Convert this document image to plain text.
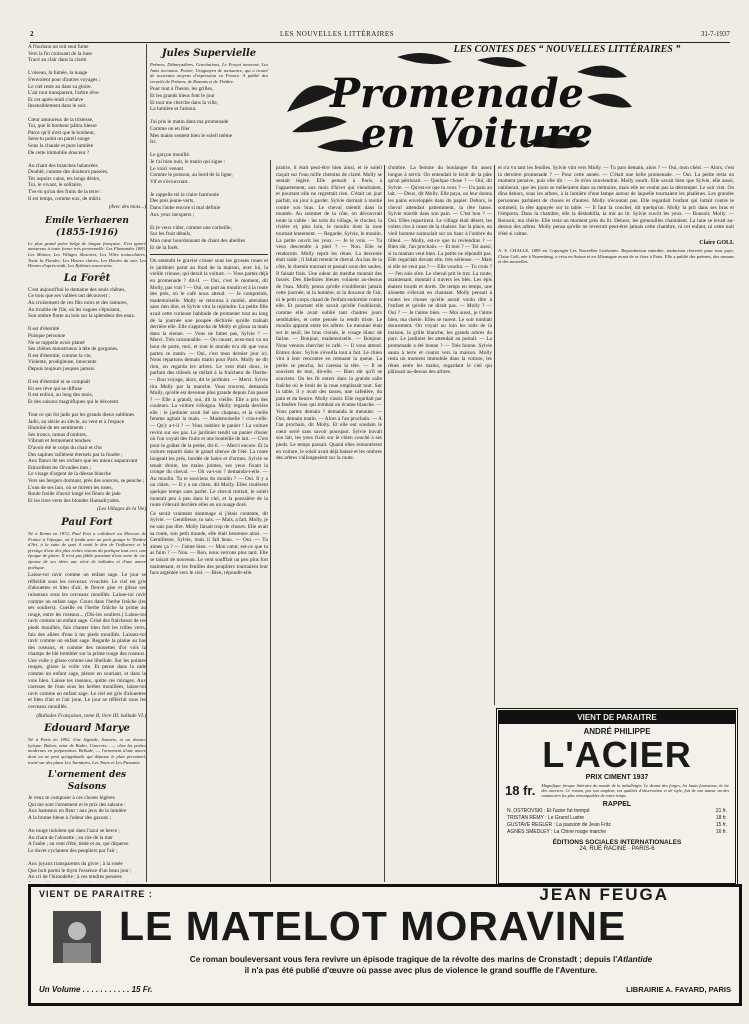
2	LES NOUVELLES LITTÉRAIRES	31-7-1937

A l'horizon un toit seul fume
Vers la fin croissant de la lune
Tracé au clair dans la clarté.

L'oiseau, la fumée, la nuage
S'envolent pour d'autres voyages ;
Le ciel reste au dans sa gloire.
L'air tout transparent, l'arbre rêve
Et cet après-midi s'achève
Insensiblement dans le soir.

Cœur amoureux de ta tristesse,
Toi, que le bonheur pâlira blesse
Parce qu'il n'est que le bonheur,
Sens-tu point un pareil songe
Sous la chaude et pure lumière
De cette immobile douceur ?

Au chant des branches balancées
Doublé, comme des douleurs passées,
Tes aspoirs vains, tes longs désirs,
Toi, le vivant, le solitaire,
T'es-tu qu'un des fruits de la terre :
Il est temps, comme eux, de mûrir.

(Avec des mots...)

Emile Verhaeren (1855-1916)

Le plus grand poète belge de langue française. S'est ignoré amoureux à toute forme très personnelle. Les Flamandes 1883, Les Moines, Les Villages illusoires, Les Villes tentaculaires, Toute la Flandre, Les Heures claires, Les Heures du soir, Les Heures d'après-midi, Les Rythmes souverains.

La Forêt

C'est aujourd'hui le domaine des seuls chênes,
Ce bois que ses vallées ont découvert ;
Au croisement de ces fûts noirs et des ramures,
Au trouble de l'ile, où les vagues s'épuisent,
Son ombre flotte au loin sur la splendeur des eaux.

Il est d'éternité
Puisque personne
Ne se rappelle avoir planté
Ses chênes monstrueux à tête de gorgones.
Il est d'éternité, comme la vie,
Violente, prodigieuse, innocente
Depuis toujours jusques jamais.

Il est d'éternité et se complaît
En ses rêve qui se diffuse
Il est enfoui, au long des mois,
Et des saisons magnifiques qui le décorent.

Tout ce qui fut jadis par les grands dieux sublimes
Jadis, au siècle au siècle, au vent et à l'espace
Illuminé de tes sentiments :
Ses troncs, ramus d'ombres,
Vibrant et fermement tendues
D'avoir été le corps du chair et d'or
Des sapines raillèrent éternels par la foudre ;
Aux flancs de ses rochers que les mieux auparavant
Etincellent les Orvadies mes ;
Le visage d'argent de la déesse blanche
Vers ses bergers dormant, près des sources, se penche ;
L'eau de ses lacs, où se mirent les roses,
Roule froide d'avoir longé les fleurs de jade
Et les rires verts des blondes Hamadryades.

(Les Villages de la Vie)

Paul Fort

Né à Reims en 1872, Paul Fort a collaboré au Mercure de France à l'époque, où il fonda avec un petit groupe le Théâtre d'Art, à la suite de quoi il avait le don de l'influence et le prestige d'une des plus riches visions du poétique tout ceci, une époque de gloire. Il n'est pas fidèle pourtant d'une sorte de vie, épouse de ses idées une série de ballades et d'une œuvre poétique.

Laisse-toi ravir comme un enfant sage. Le jour se réfléchit sous les cerceaux vivacités. Le ciel est gris d'alouettes et bleu d'air, le fleuve gise et glisse ses ruisseaux sous les cerceaux mouillés. Laisse-toi ravir comme un enfant sage. Cours dans l'herbe fraîche (les ses souliers). Cueille en l'herbe fraîche la prime au rouge, entre les roseaux... (Dis-les souliers.) Laisse-toi ravir comme un enfant sage. Grisé des fraîcheurs de tes pieds mouillés, fais chanter bleu fort les trilles verts, fais des allées d'eau à tes pieds mouillés. Laissez-toi ravir comme un enfant sage. Regarde la plaine au bas des roseaux, et comme des mouettes d'or vois la champs de blé trembler sur la prime rouge des roseaux. Une voile y glisse comme une libellule. Sur les pointes rouges, glisse la voile vite. Et pense dans la rade comme un enfant sage, pleure en souriant, et dans la voie bleu. Laisse tes roseaux, quitte ces mirages. Aux caresses de l'eau sous les herbes mouillées, laisse-toi ravir comme un enfant sage. Le ciel est gris d'alouettes et bleu d'air et l'air joue. Le jour se réfléchit sous les cerceaux mouillés.

(Ballades Françaises, tome II, livre III, ballade VI.)

Edouard Marye

Né à Paris en 1892. Une légende, Sonnets, et un dossier lyrique, Bolero, mise de Radio, Concerts... — chez les poètes modernes en préparation. Bellude, — l'ornement d'une œuvre dont on ne peut qu'applaudir qui dépasse le plan personnel, traité sur des plans Les Aventures, Les Tours et Les Passants.

L'ornement des Saisons

Je veux te composer à ces choses légères
Qui me sont l'ornement et le prix des saisons :
Aux hameaux en fleur ; aux jeux de la lumière
A la brume bleue à l'odeur des gazons ;

Au rouge indolent qui dans l'azur se berce ;
Au chant de l'alouette ; au rire de la mer
A l'aube ; au vent d'été, tiède et au, qui disperse
Le duvet cyclamen des peupliers par l'air ;

Aux joyaux transparents du givre ; à la rosée
Que boit parmi le thym l'essence d'un beau jour ;
Au cri de l'hirondelle ; à ces tendres pensées

Jules Supervielle

Poèmes, Débarcadères, Gravitations, Le Forçat innocent, Les Amis inconnus. Poésie, Uruguayen de naissance, qui a trouvé de nouveaux moyens d'expression en France. A publié des recueils de Poèmes, de Romans et de Théâtre.

Pour tout à l'heure, les grilles,
Et les grands bleus font le jour
Et tout me cherche dans la ville,
La lumière et l'amour.

J'ai pris le matin dans ma promenade
Comme on en filer
Mes mains sentent bien le soleil même
Ici.

Le garçon mouillé.
Je t'ai bien nuit, le matin qui signe :
Le voici venant
Comme le poisson, au bord de la ligne,
Vif et s'écouvrant.

Je rappelle tel la claire harmonie
Des prés jeune-verts,
Dans l'aube encore si mal définie
Aux yeux inexperts ;

Et je veux vider, comme une corbeille,
Sur les fruit détails,
Mon cœur bourdonnant de chant des abeilles
Et de la forêt.

On entendit le gravier crisser sous les grosses roues et le jardinier parut au fond de la maison, avec lui, la vieille crieuse, qui dessit la voiture. — Vous partez déjà en promenade ? dit-il. — Oui, c'est le moment, dit Molly, pas vrai ? — Oui, on part au moulin et à la route des près, où le café nous attend. — Je comprends, mademoiselle. Molly se retourna à moitié, attendant sans rien dire, et Sylvie vint la rejoindre. La petite fille avait cette curieuse habitude de promener tout au long de la journée une poupée déchirée qu'elle traînait derrière elle. Elle s'approcha de Molly et glissa sa main dans la sienne. — Vous ne faites pas, Sylvie ? — Merci. Très raisonnable. — On causer, avez-moi vu un bout de porte, moi, et tout le monde m'a dit que vous partez ce matin. — Oui, c'est mon dernier jour ici. Nous repartons demain matin pour Paris. Molly ne dit rien, on regarda les arbres. Le vent était doux, le parfum des tilleuls se mêlait à la fraîcheur de l'herbe. — Bon voyage, alors, dit le jardinier. — Merci. Sylvie tira Molly par la manche. Vous trouvez, demanda Molly, qu'elle est devenue plus grande depuis l'an passé ? — Elle a grandi, oui, dit la vieille. Elle a pris des couleurs. La voiture s'éloigna. Molly regarda derrière elle : le jardinier avait ôté son chapeau, et la vieille femme agitait la main. — Mademoiselle ! cria-t-elle. — Qu'y a-t-il ? — Vous oubliez le panier ! La voiture revint sur ses pas. Le jardinier tendit un panier d'osier où l'on voyait des fruits et une bouteille de lait. — C'est pour le goûter de la petite, dit-il. — Merci encore. Et la voiture repartit dans le grand silence de l'été. La route longeait les prés, bordée de haies et d'ormes. Sylvie se tenait droite, les mains jointes, ses yeux fixant la croupe du cheval. — Où va-t-on ? demanda-t-elle. — Au moulin. Tu te souviens du moulin ? — Oui. Il y a un chien. — Il y a un chien, dit Molly. Elles roulèrent quelque temps sans parler. Le cheval trottait, le soleil montait peu à peu dans le ciel, et la poussière de la route s'élevait derrière elles en un nuage doré.

Ce serait vraiment dommage si j'étais contente, dit Sylvie. — Gentillesse, tu sais. — Mais, a fait, Molly, je ne sais pas dire. Molly faisait trop de choses. Elle avait sa route, son petit monde, elle était heureuse ainsi. — Gentillesse, Sylvie, mais il fait beau. — Oui. — Tu aimes ça ? — J'aime bien. — Mon cœur, est-ce que tu as faim ? — Non. — Bon, nous verrons plus tard. Elle se taisait de nouveau. Le vent soufflait un peu plus fort maintenant, et les feuilles des peupliers tournaient leur face argentée vers le ciel. — Bien, répondit-elle.

LES CONTES DES “ NOUVELLES LITTÉRAIRES ”
Promenade
en Voiture

prairie, il était peut-être bien ainsi, et le soleil traçait sur l'eau mille chemins de clarté. Molly se sentait légère. Elle pensait à Paris, à l'appartement, aux mois d'hiver qui viendraient, et pourtant elle ne regrettait rien. C'était un jour parfait, un jour à garder. Sylvie dormait à moitié contre son bras. Le cheval ralentit dans la montée. Au sommet de la côte, on découvrait toute la vallée : les toits du village, le clocher, la rivière et, plus loin, le moulin dont la roue tournait lentement. — Regarde, Sylvie, le moulin. La petite ouvrit les yeux. — Je le vois. — Tu veux descendre à pied ? — Non. Elle se rendormit. Molly reprit les rênes. La descente était raide ; il fallait retenir le cheval. Au bas de la côte, le chemin tournait et passait sous des saules. Il faisait frais. Une odeur de menthe montait des fossés. Des libellules bleues volaient au-dessus de l'eau. Molly pensa qu'elle n'oublierait jamais cette journée, ni la lumière, ni la douceur de l'air, ni le petit corps chaud de l'enfant endormie contre elle. Et pourtant elle savait qu'elle l'oublierait, comme elle avait oublié tant d'autres jours semblables, et cette pensée la rendit triste. Le moulin apparut entre les arbres. Le meunier était sur le seuil, les bras croisés, le visage blanc de farine. — Bonjour, mademoiselle. — Bonjour. Nous venons chercher le café. — Il vous attend. Entrez donc. Sylvie s'éveilla tout à fait. Le chien vint à leur rencontre en remuant la queue. La petite se pencha, lui caressa la tête. — Il se souvient de moi, dit-elle. — Bien sûr qu'il se souvient. On les fit entrer dans la grande salle fraîche où le bruit de la roue emplissait tout. Sur la table, il y avait des tasses, une cafetière, du pain et du beurre. Molly s'assit. Elle regardait par la fenêtre l'eau qui tombait en écume blanche. — Vous partez demain ? demanda le meunier. — Oui, demain matin. — Alors à l'an prochain. — A l'an prochain, dit Molly. Et elle eut soudain le cœur serré sans savoir pourquoi. Sylvie buvait son lait, les yeux fixés sur le chien couché à ses pieds. Le temps passait. Quand elles remontèrent en voiture, le soleil avait déjà baissé et les ombres des arbres s'allongeaient sur la route.

d'ombre. La femme du boulanger fut assez longue à servir. On entendait le bruit de la pâte qu'on pétrissait. — Quelque chose ? — Oui, dit Sylvie. — Qu'est-ce que tu veux ? — Un pain au lait. — Deux, dit Molly. Elle paya, on leur donna les pains enveloppés dans du papier. Dehors, le cheval attendait patiemment, la tête basse. Sylvie mordit dans son pain. — C'est bon ? — Oui. Elles repartirent. Le village était désert, les volets clos à cause de la chaleur. Sur la place, un vieil homme somnolait sur un banc à l'ombre du tilleul. — Molly, est-ce que tu reviendras ? — Bien sûr, l'an prochain. — Et moi ? — Toi aussi, si ta maman veut bien. La petite ne répondit pas. Elle regardait devant elle, très sérieuse. — Mais si elle ne veut pas ? — Elle voudra. — Tu crois ? — J'en suis sûre. Le cheval prit le trot. La route, maintenant, montait à travers les blés. Les épis étaient lourds et dorés. De temps en temps, une alouette s'élevait en chantant. Molly pensait à toutes les choses qu'elle aurait voulu dire à l'enfant et qu'elle ne dirait pas. — Molly ? — Oui ? — Je t'aime bien. — Moi aussi, je t'aime bien, ma chérie. Elles se turent. Le soir tombait doucement. On voyait au loin les toits de la maison, la grille blanche, les grands arbres du parc. Le jardinier les attendait au portail. — La promenade a été bonne ? — Très bonne. Sylvie sauta à terre et courut vers la maison. Molly resta un moment immobile dans la voiture, les rênes entre les mains, regardant le ciel qui pâlissait au-dessus des arbres.

et n'a vu tant les feuilles. Sylvie vint vers Molly. — Tu pars demain, alors ? — Oui, mon chéri. — Alors, c'est la dernière promenade ? — Pour cette année. — C'était une belle promenade. — Oui. La petite resta un moment pensive, puis elle dit : — Je m'en souviendrai. Molly sourit. Elle savait bien que Sylvie, elle aussi, oublierait, que les jours se mêleraient dans sa mémoire, mais elle ne voulut pas la détromper. Le soir vint. On dîna dehors, sous les arbres, à la lumière d'une lampe autour de laquelle tournaient les phalènes. Les grandes personnes parlaient de choses et d'autres. Molly n'écoutait pas. Elle regardait l'enfant qui luttait contre le sommeil, la tête appuyée sur la table. — Il faut la coucher, dit quelqu'un. Molly la prit dans ses bras et l'emporta. Dans la chambre, elle la déshabilla, la mit au lit. Sylvie ouvrit les yeux. — Bonsoir, Molly. — Bonsoir, ma chérie. Elle resta un moment près du lit. Dehors, les grenouilles chantaient. La lune se levait au-dessus des arbres. Molly pensa qu'elle ne reverrait peut-être jamais cette chambre, ni cet enfant, ni cette nuit d'été si calme.

Claire GOLL

A. S. CHALLE, 1889 est Copyright Les Nouvelles Littéraires. Reproduction interdite, traduction réservée pour tous pays. Claire Goll, née à Nuremberg, a vécu en Suisse et en Allemagne avant de se fixer à Paris. Elle a publié des poèmes, des romans et des nouvelles.

VIENT DE PARAITRE
ANDRÉ PHILIPPE
L'ACIER
PRIX CIMENT 1937
18 fr. Magnifique fresque littéraire du monde de la métallurgie. Le drame des forges, les hauts fourneaux, la vie des ouvriers. Ce roman, par son ampleur, ses qualités d'observation et de style, fait de son auteur un des romanciers les plus remarquables de notre temps.
RAPPEL
N. OSTROVSKI : Et l'acier fut trempé	21 fr.
TRISTAN RÉMY : Le Grand Lustre	18 fr.
GUSTAVE REGLER : La passion de Jean Fritz	15 fr.
AGNES SMEDLEY : La Chine rouge marche	16 fr.
ÉDITIONS SOCIALES INTERNATIONALES
24, RUE RACINE · PARIS-6
VIENT DE PARAITRE :	JEAN FEUGA
LE MATELOT MORAVINE
Ce roman bouleversant vous fera revivre un épisode tragique de la révolte des marins de Cronstadt ; depuis l'Atlantide
il n'a pas été publié d'œuvre où passe avec plus de violence le grand souffle de l'Aventure.
Un Volume . . . . . . . . . . . 15 Fr.	LIBRAIRIE A. FAYARD, PARIS
